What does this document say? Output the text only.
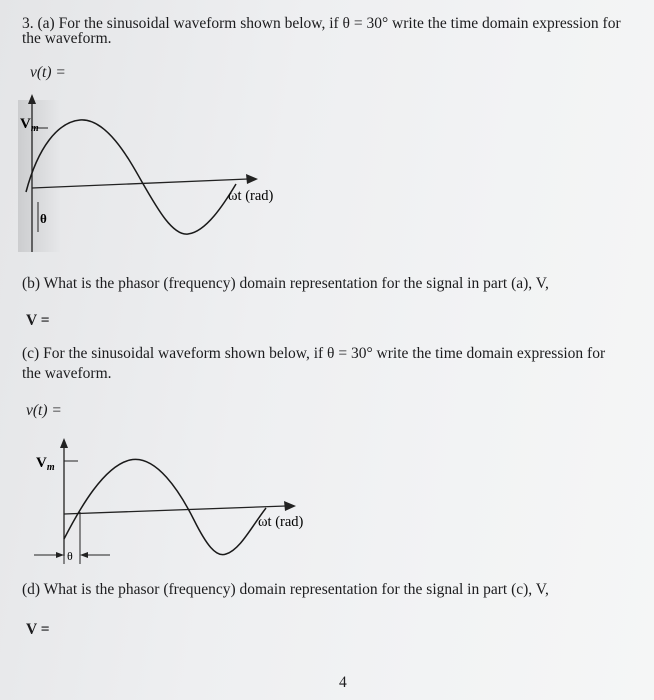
3. (a) For the sinusoidal waveform shown below, if θ = 30° write the time domain expression for
the waveform.
v(t) =
$V_m$
ωt (rad)
θ
(b) What is the phasor (frequency) domain representation for the signal in part (a), V,
V =
(c) For the sinusoidal waveform shown below, if θ = 30° write the time domain expression for
the waveform.
v(t) =
$V_m$
ωt (rad)
θ
(d) What is the phasor (frequency) domain representation for the signal in part (c), V,
V =
4
